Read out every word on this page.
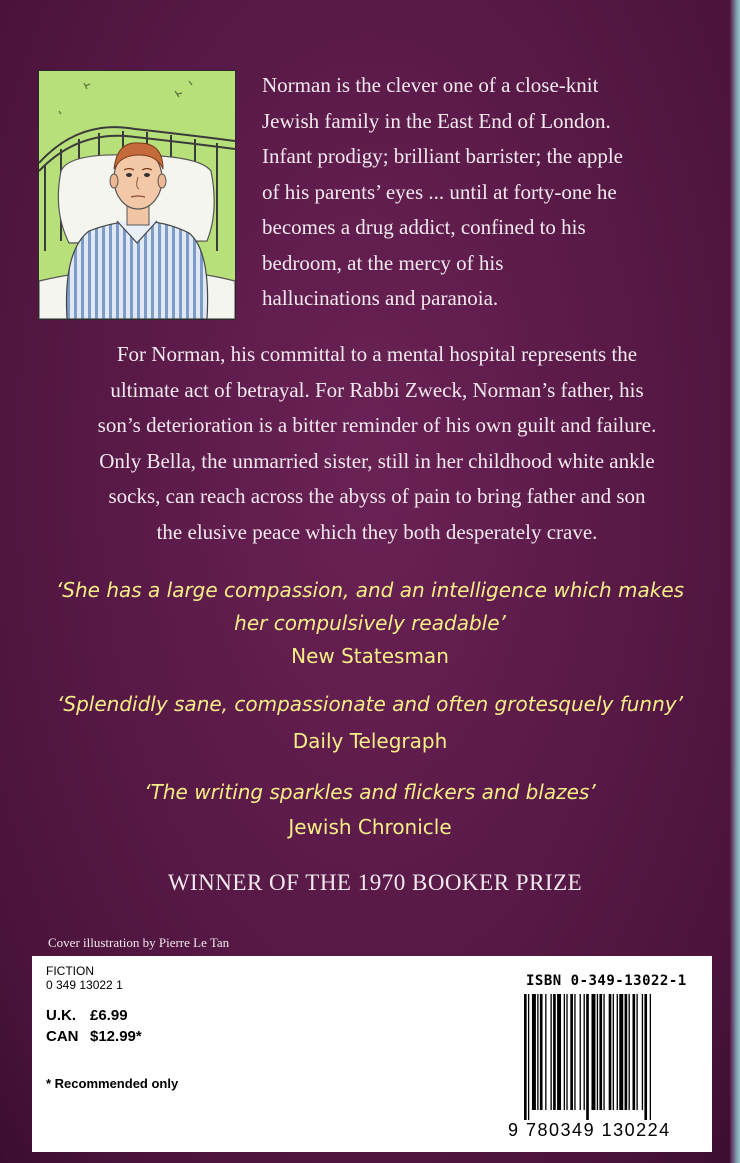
Norman is the clever one of a close-knit
Jewish family in the East End of London.
Infant prodigy; brilliant barrister; the apple
of his parents’ eyes ... until at forty-one he
becomes a drug addict, confined to his
bedroom, at the mercy of his
hallucinations and paranoia.
For Norman, his committal to a mental hospital represents the
ultimate act of betrayal. For Rabbi Zweck, Norman’s father, his
son’s deterioration is a bitter reminder of his own guilt and failure.
Only Bella, the unmarried sister, still in her childhood white ankle
socks, can reach across the abyss of pain to bring father and son
the elusive peace which they both desperately crave.
‘She has a large compassion, and an intelligence which makes
her compulsively readable’
New Statesman
‘Splendidly sane, compassionate and often grotesquely funny’
Daily Telegraph
‘The writing sparkles and flickers and blazes’
Jewish Chronicle
WINNER OF THE 1970 BOOKER PRIZE
Cover illustration by Pierre Le Tan
FICTION
0 349 13022 1
U.K. £6.99
CAN $12.99*
* Recommended only
ISBN 0-349-13022-1
9 780349 130224
